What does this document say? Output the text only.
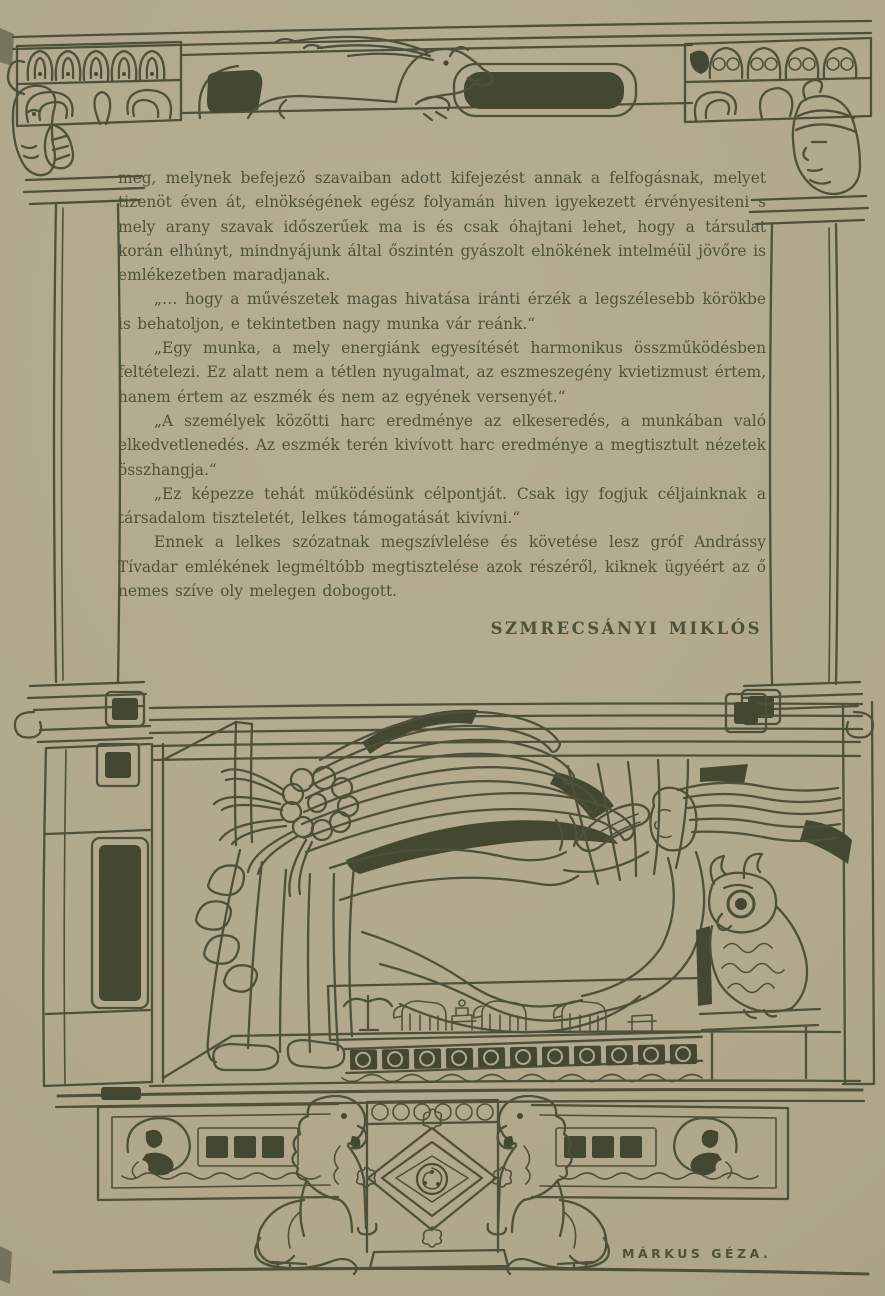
meg, melynek befejező szavaiban adott kifejezést annak a felfogásnak, melyet tizenöt éven át, elnökségének egész folyamán hiven igyekezett érvényesiteni s mely arany szavak időszerűek ma is és csak óhajtani lehet, hogy a társulat korán elhúnyt, mindnyájunk által őszintén gyászolt elnökének intelméül jövőre is emlékezetben maradjanak.

„… hogy a művészetek magas hivatása iránti érzék a legszélesebb körökbe is behatoljon, e tekintetben nagy munka vár reánk.“

„Egy munka, a mely energiánk egyesítését harmonikus összműködésben feltételezi. Ez alatt nem a tétlen nyugalmat, az eszmeszegény kvietizmust értem, hanem értem az eszmék és nem az egyének versenyét.“

„A személyek közötti harc eredménye az elkeseredés, a munkában való elkedvetlenedés. Az eszmék terén kivívott harc eredménye a megtisztult nézetek összhangja.“

„Ez képezze tehát működésünk célpontját. Csak igy fogjuk céljainknak a társadalom tiszteletét, lelkes támogatását kivívni.“

Ennek a lelkes szózatnak megszívlelése és követése lesz gróf Andrássy Tívadar emlékének legméltóbb megtisztelése azok részéről, kiknek ügyéért az ő nemes szíve oly melegen dobogott.

SZMRECSÁNYI MIKLÓS
MÁRKUS GÉZA.
